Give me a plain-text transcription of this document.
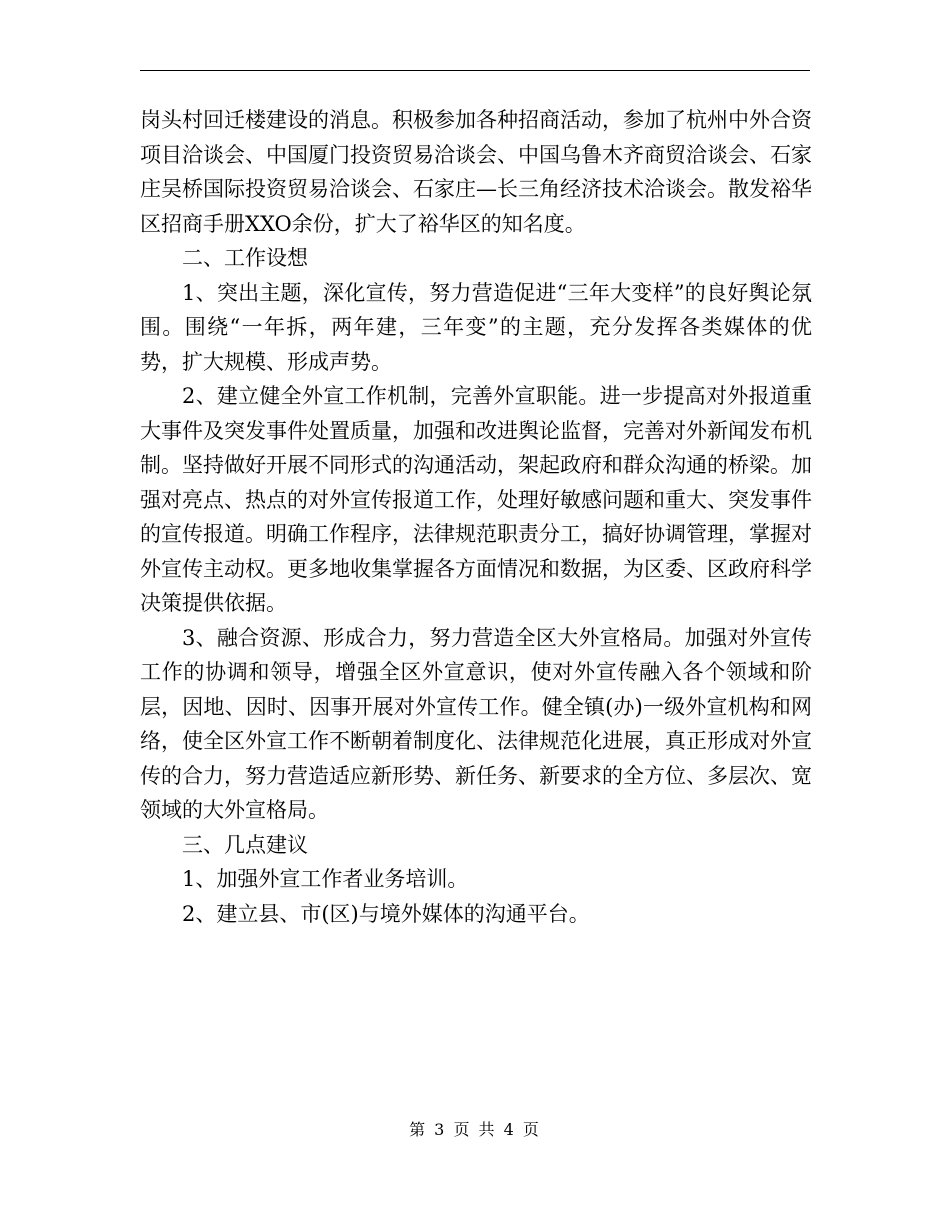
岗头村回迁楼建设的消息。积极参加各种招商活动，参加了杭州中外合资项目洽谈会、中国厦门投资贸易洽谈会、中国乌鲁木齐商贸洽谈会、石家庄吴桥国际投资贸易洽谈会、石家庄—长三角经济技术洽谈会。散发裕华区招商手册XXO余份，扩大了裕华区的知名度。

二、工作设想

1、突出主题，深化宣传，努力营造促进“三年大变样”的良好舆论氛围。围绕“一年拆，两年建，三年变”的主题，充分发挥各类媒体的优势，扩大规模、形成声势。

2、建立健全外宣工作机制，完善外宣职能。进一步提高对外报道重大事件及突发事件处置质量，加强和改进舆论监督，完善对外新闻发布机制。坚持做好开展不同形式的沟通活动，架起政府和群众沟通的桥梁。加强对亮点、热点的对外宣传报道工作，处理好敏感问题和重大、突发事件的宣传报道。明确工作程序，法律规范职责分工，搞好协调管理，掌握对外宣传主动权。更多地收集掌握各方面情况和数据，为区委、区政府科学决策提供依据。

3、融合资源、形成合力，努力营造全区大外宣格局。加强对外宣传工作的协调和领导，增强全区外宣意识，使对外宣传融入各个领域和阶层，因地、因时、因事开展对外宣传工作。健全镇(办)一级外宣机构和网络，使全区外宣工作不断朝着制度化、法律规范化进展，真正形成对外宣传的合力，努力营造适应新形势、新任务、新要求的全方位、多层次、宽领域的大外宣格局。

三、几点建议

1、加强外宣工作者业务培训。

2、建立县、市(区)与境外媒体的沟通平台。

第 3 页 共 4 页
